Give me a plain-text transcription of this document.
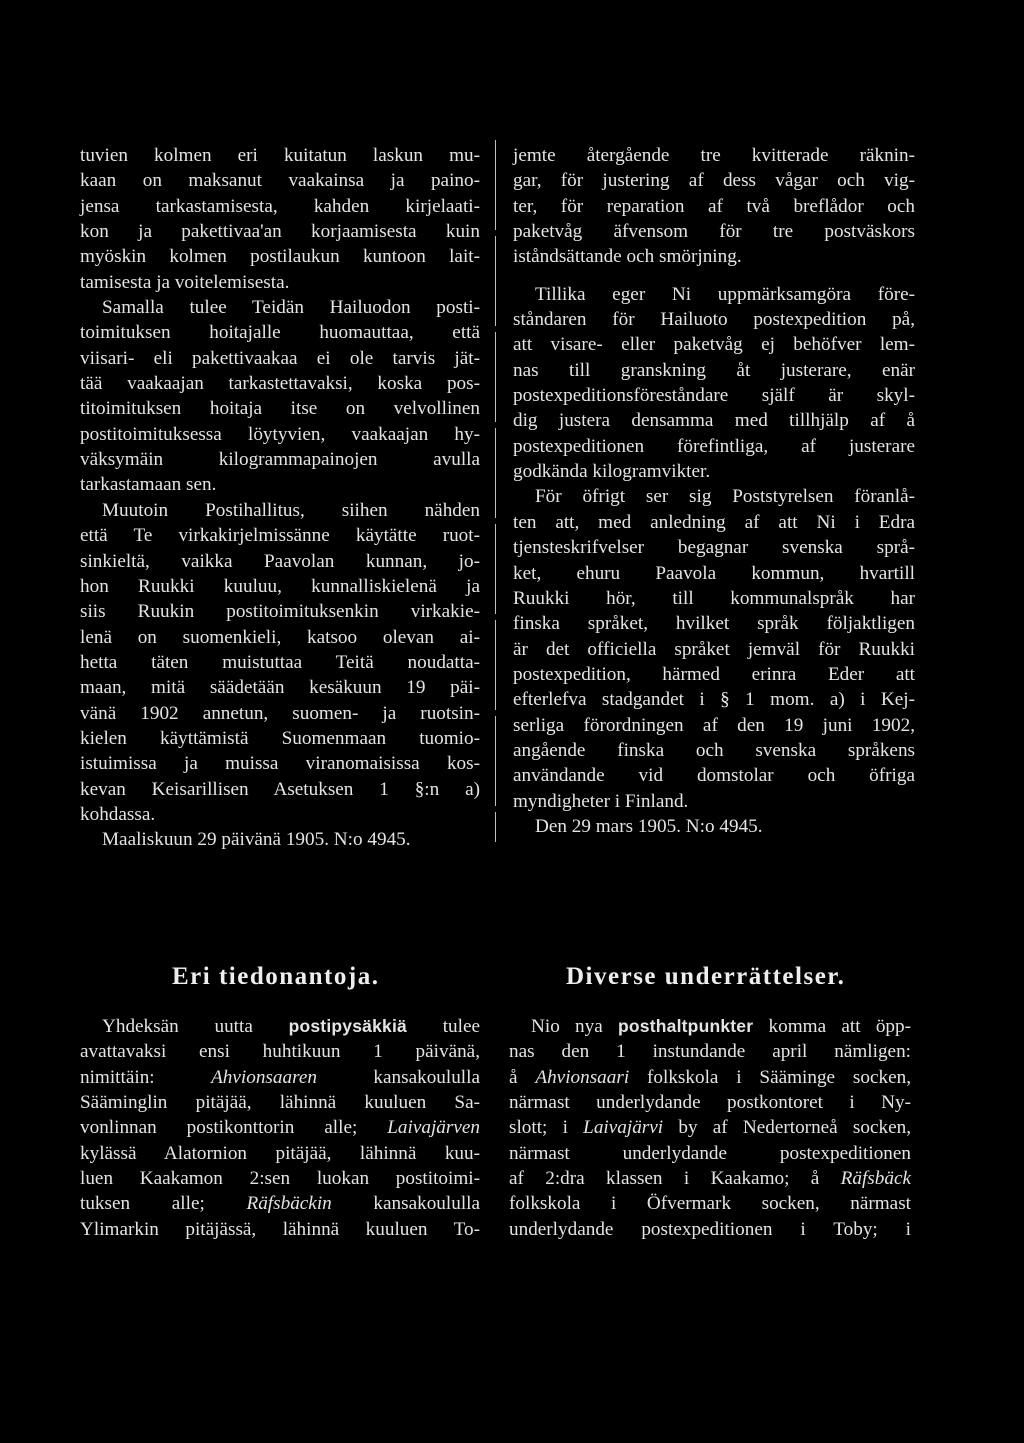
tuvien kolmen eri kuitatun laskun mu-
kaan on maksanut vaakainsa ja paino-
jensa tarkastamisesta, kahden kirjelaati-
kon ja pakettivaa'an korjaamisesta kuin
myöskin kolmen postilaukun kuntoon lait-
tamisesta ja voitelemisesta.
Samalla tulee Teidän Hailuodon posti-
toimituksen hoitajalle huomauttaa, että
viisari- eli pakettivaakaa ei ole tarvis jät-
tää vaakaajan tarkastettavaksi, koska pos-
titoimituksen hoitaja itse on velvollinen
postitoimituksessa löytyvien, vaakaajan hy-
väksymäin kilogrammapainojen avulla
tarkastamaan sen.
Muutoin Postihallitus, siihen nähden
että Te virkakirjelmissänne käytätte ruot-
sinkieltä, vaikka Paavolan kunnan, jo-
hon Ruukki kuuluu, kunnalliskielenä ja
siis Ruukin postitoimituksenkin virkakie-
lenä on suomenkieli, katsoo olevan ai-
hetta täten muistuttaa Teitä noudatta-
maan, mitä säädetään kesäkuun 19 päi-
vänä 1902 annetun, suomen- ja ruotsin-
kielen käyttämistä Suomenmaan tuomio-
istuimissa ja muissa viranomaisissa kos-
kevan Keisarillisen Asetuksen 1 §:n a)
kohdassa.
Maaliskuun 29 päivänä 1905. N:o 4945.
jemte återgående tre kvitterade räknin-
gar, för justering af dess vågar och vig-
ter, för reparation af två breflådor och
paketvåg äfvensom för tre postväskors
iståndsättande och smörjning.
Tillika eger Ni uppmärksamgöra före-
ståndaren för Hailuoto postexpedition på,
att visare- eller paketvåg ej behöfver lem-
nas till granskning åt justerare, enär
postexpeditionsföreståndare själf är skyl-
dig justera densamma med tillhjälp af å
postexpeditionen förefintliga, af justerare
godkända kilogramvikter.
För öfrigt ser sig Poststyrelsen föranlå-
ten att, med anledning af att Ni i Edra
tjensteskrifvelser begagnar svenska språ-
ket, ehuru Paavola kommun, hvartill
Ruukki hör, till kommunalspråk har
finska språket, hvilket språk följaktligen
är det officiella språket jemväl för Ruukki
postexpedition, härmed erinra Eder att
efterlefva stadgandet i § 1 mom. a) i Kej-
serliga förordningen af den 19 juni 1902,
angående finska och svenska språkens
användande vid domstolar och öfriga
myndigheter i Finland.
Den 29 mars 1905. N:o 4945.
Eri tiedonantoja.	Diverse underrättelser.
Yhdeksän uutta postipysäkkiä tulee
avattavaksi ensi huhtikuun 1 päivänä,
nimittäin: Ahvionsaaren kansakoululla
Sääminglin pitäjää, lähinnä kuuluen Sa-
vonlinnan postikonttorin alle; Laivajärven
kylässä Alatornion pitäjää, lähinnä kuu-
luen Kaakamon 2:sen luokan postitoimi-
tuksen alle; Räfsbäckin kansakoululla
Ylimarkin pitäjässä, lähinnä kuuluen To-
Nio nya posthaltpunkter komma att öpp-
nas den 1 instundande april nämligen:
å Ahvionsaari folkskola i Sääminge socken,
närmast underlydande postkontoret i Ny-
slott; i Laivajärvi by af Nedertorneå socken,
närmast underlydande postexpeditionen
af 2:dra klassen i Kaakamo; å Räfsbäck
folkskola i Öfvermark socken, närmast
underlydande postexpeditionen i Toby; i
